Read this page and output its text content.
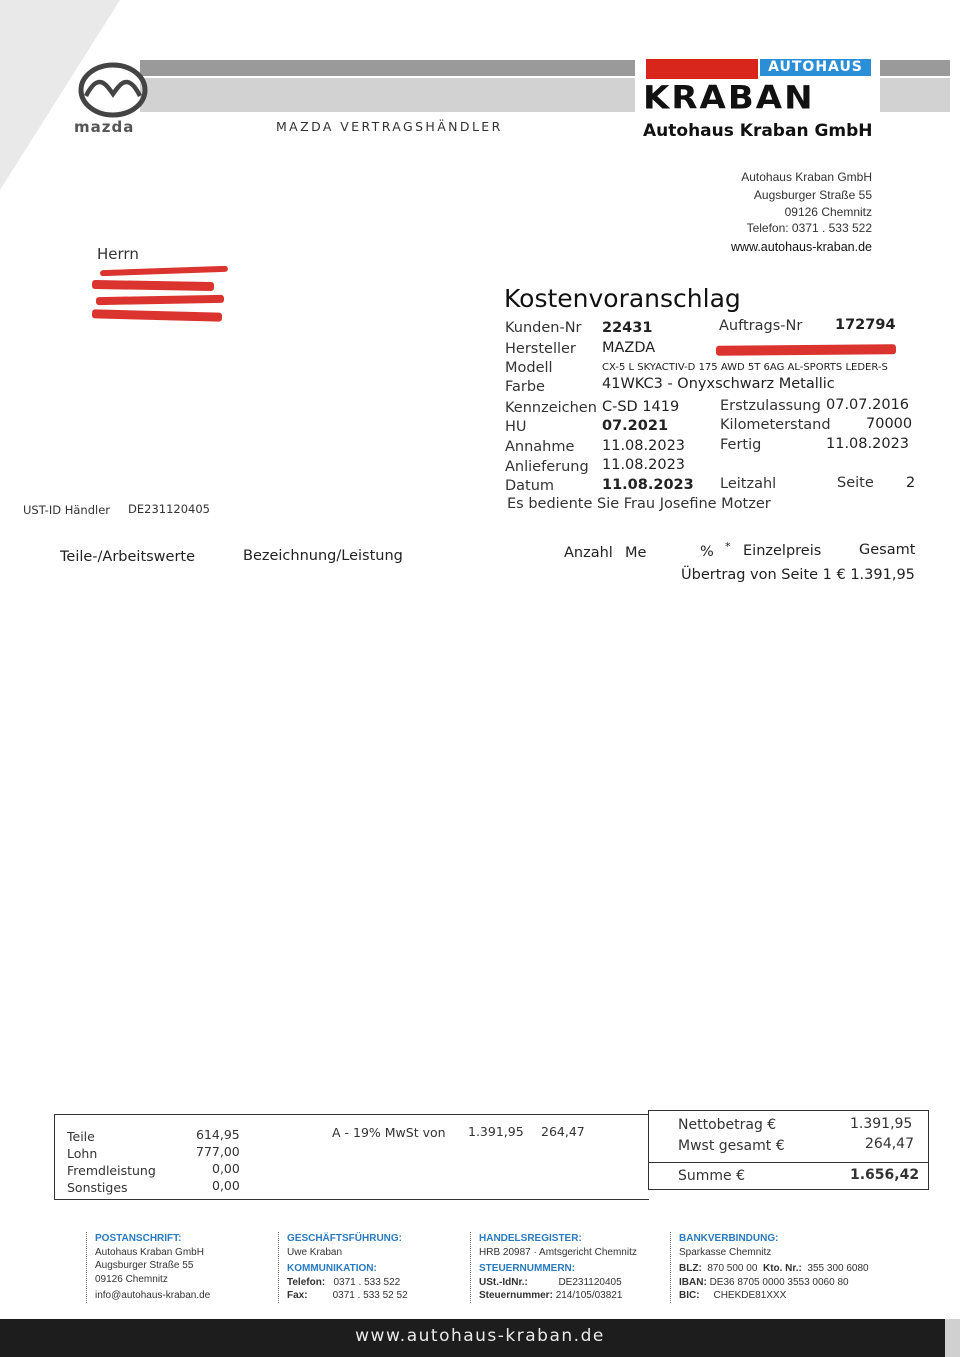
mazda	MAZDA VERTRAGSHÄNDLER
AUTOHAUS
KRABAN
Autohaus Kraban GmbH
Autohaus Kraban GmbH
Augsburger Straße 55
09126 Chemnitz
Telefon: 0371 . 533 522
www.autohaus-kraban.de
Herrn
Kostenvoranschlag
Kunden-Nr 22431	Auftrags-Nr 172794
Hersteller MAZDA
Modell	CX-5 L SKYACTIV-D 175 AWD 5T 6AG AL-SPORTS LEDER-S
Farbe	41WKC3 - Onyxschwarz Metallic
Kennzeichen C-SD 1419	Erstzulassung 07.07.2016
HU	07.2021	Kilometerstand 70000
Annahme 11.08.2023 Fertig	11.08.2023
Anlieferung 11.08.2023
Datum	11.08.2023 Leitzahl	Seite 2
Es bediente Sie Frau Josefine Motzer
UST-ID Händler DE231120405
Teile-/Arbeitswerte	Bezeichnung/Leistung	Anzahl Me	% * Einzelpreis	Gesamt
Übertrag von Seite 1 € 1.391,95
Teile	614,95
Lohn	777,00
Fremdleistung	0,00
Sonstiges	0,00
A - 19% MwSt von 1.391,95 264,47	Nettobetrag €	1.391,95
Mwst gesamt €	264,47
Summe €	1.656,42
POSTANSCHRIFT:
Autohaus Kraban GmbH
Augsburger Straße 55
09126 Chemnitz
info@autohaus-kraban.de
GESCHÄFTSFÜHRUNG:
Uwe Kraban
KOMMUNIKATION:
Telefon: 0371 . 533 522
Fax:	0371 . 533 52 52
HANDELSREGISTER:
HRB 20987 · Amtsgericht Chemnitz
STEUERNUMMERN:
USt.-IdNr.:	DE231120405
Steuernummer: 214/105/03821
BANKVERBINDUNG:
Sparkasse Chemnitz
BLZ: 870 500 00 Kto. Nr.: 355 300 6080
IBAN: DE36 8705 0000 3553 0060 80
BIC: CHEKDE81XXX
www.autohaus-kraban.de
